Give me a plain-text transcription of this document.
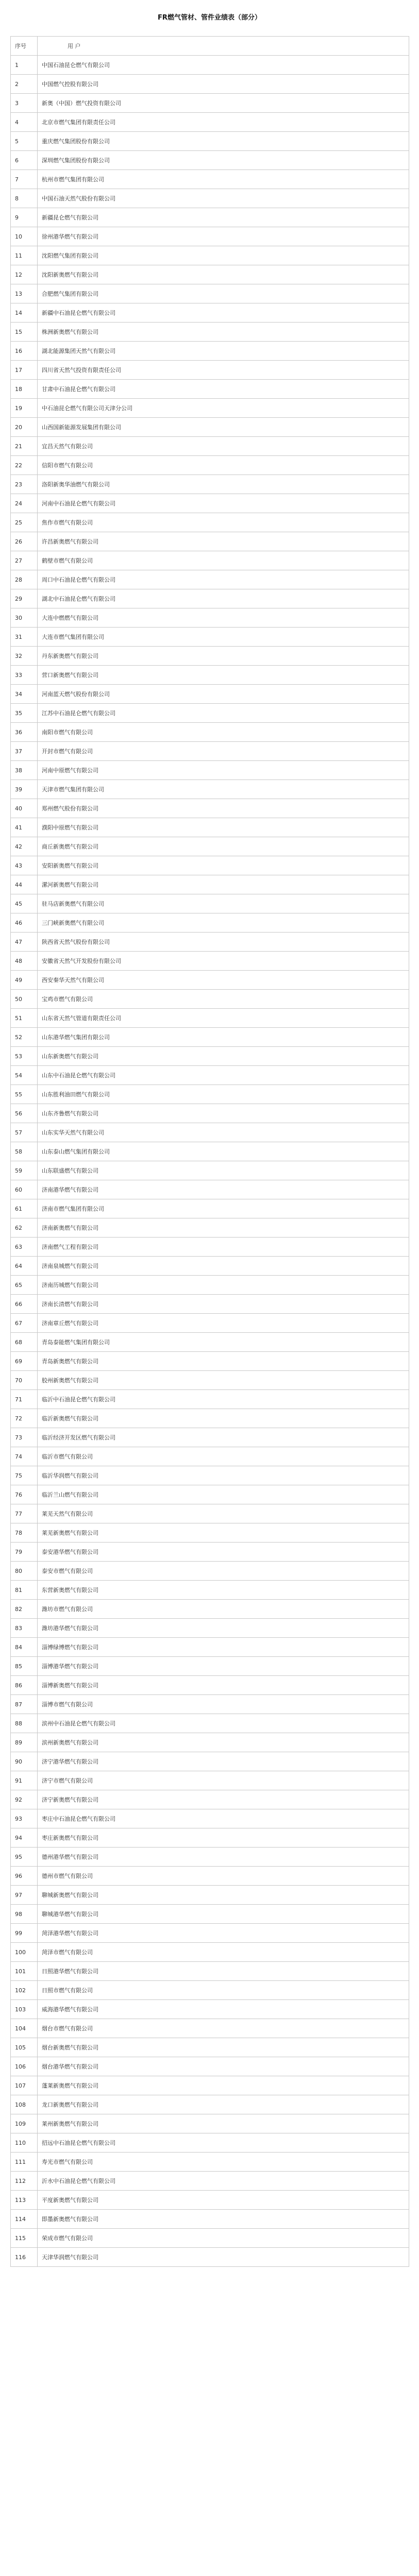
FR燃气管材、管件业绩表（部分）
序号	用 户
1	中国石油昆仑燃气有限公司
2	中国燃气控股有限公司
3	新奥（中国）燃气投资有限公司
4	北京市燃气集团有限责任公司
5	重庆燃气集团股份有限公司
6	深圳燃气集团股份有限公司
7	杭州市燃气集团有限公司
8	中国石油天然气股份有限公司
9	新疆昆仑燃气有限公司
10	徐州港华燃气有限公司
11	沈阳燃气集团有限公司
12	沈阳新奥燃气有限公司
13	合肥燃气集团有限公司
14	新疆中石油昆仑燃气有限公司
15	株洲新奥燃气有限公司
16	湖北能源集团天然气有限公司
17	四川省天然气投资有限责任公司
18	甘肃中石油昆仑燃气有限公司
19	中石油昆仑燃气有限公司天津分公司
20	山西国新能源发展集团有限公司
21	宜昌天然气有限公司
22	信阳市燃气有限公司
23	洛阳新奥华油燃气有限公司
24	河南中石油昆仑燃气有限公司
25	焦作市燃气有限公司
26	许昌新奥燃气有限公司
27	鹤壁市燃气有限公司
28	周口中石油昆仑燃气有限公司
29	湖北中石油昆仑燃气有限公司
30	大连中燃燃气有限公司
31	大连市燃气集团有限公司
32	丹东新奥燃气有限公司
33	营口新奥燃气有限公司
34	河南蓝天燃气股份有限公司
35	江苏中石油昆仑燃气有限公司
36	南阳市燃气有限公司
37	开封市燃气有限公司
38	河南中原燃气有限公司
39	天津市燃气集团有限公司
40	郑州燃气股份有限公司
41	濮阳中原燃气有限公司
42	商丘新奥燃气有限公司
43	安阳新奥燃气有限公司
44	漯河新奥燃气有限公司
45	驻马店新奥燃气有限公司
46	三门峡新奥燃气有限公司
47	陕西省天然气股份有限公司
48	安徽省天然气开发股份有限公司
49	西安秦华天然气有限公司
50	宝鸡市燃气有限公司
51	山东省天然气管道有限责任公司
52	山东港华燃气集团有限公司
53	山东新奥燃气有限公司
54	山东中石油昆仑燃气有限公司
55	山东胜利油田燃气有限公司
56	山东齐鲁燃气有限公司
57	山东实华天然气有限公司
58	山东泰山燃气集团有限公司
59	山东联盛燃气有限公司
60	济南港华燃气有限公司
61	济南市燃气集团有限公司
62	济南新奥燃气有限公司
63	济南燃气工程有限公司
64	济南泉城燃气有限公司
65	济南历城燃气有限公司
66	济南长清燃气有限公司
67	济南章丘燃气有限公司
68	青岛泰能燃气集团有限公司
69	青岛新奥燃气有限公司
70	胶州新奥燃气有限公司
71	临沂中石油昆仑燃气有限公司
72	临沂新奥燃气有限公司
73	临沂经济开发区燃气有限公司
74	临沂市燃气有限公司
75	临沂华润燃气有限公司
76	临沂兰山燃气有限公司
77	莱芜天然气有限公司
78	莱芜新奥燃气有限公司
79	泰安港华燃气有限公司
80	泰安市燃气有限公司
81	东营新奥燃气有限公司
82	潍坊市燃气有限公司
83	潍坊港华燃气有限公司
84	淄博绿博燃气有限公司
85	淄博港华燃气有限公司
86	淄博新奥燃气有限公司
87	淄博市燃气有限公司
88	滨州中石油昆仑燃气有限公司
89	滨州新奥燃气有限公司
90	济宁港华燃气有限公司
91	济宁市燃气有限公司
92	济宁新奥燃气有限公司
93	枣庄中石油昆仑燃气有限公司
94	枣庄新奥燃气有限公司
95	德州港华燃气有限公司
96	德州市燃气有限公司
97	聊城新奥燃气有限公司
98	聊城港华燃气有限公司
99	菏泽港华燃气有限公司
100	菏泽市燃气有限公司
101	日照港华燃气有限公司
102	日照市燃气有限公司
103	威海港华燃气有限公司
104	烟台市燃气有限公司
105	烟台新奥燃气有限公司
106	烟台港华燃气有限公司
107	蓬莱新奥燃气有限公司
108	龙口新奥燃气有限公司
109	莱州新奥燃气有限公司
110	招远中石油昆仑燃气有限公司
111	寿光市燃气有限公司
112	沂水中石油昆仑燃气有限公司
113	平度新奥燃气有限公司
114	即墨新奥燃气有限公司
115	荣成市燃气有限公司
116	天津华润燃气有限公司
